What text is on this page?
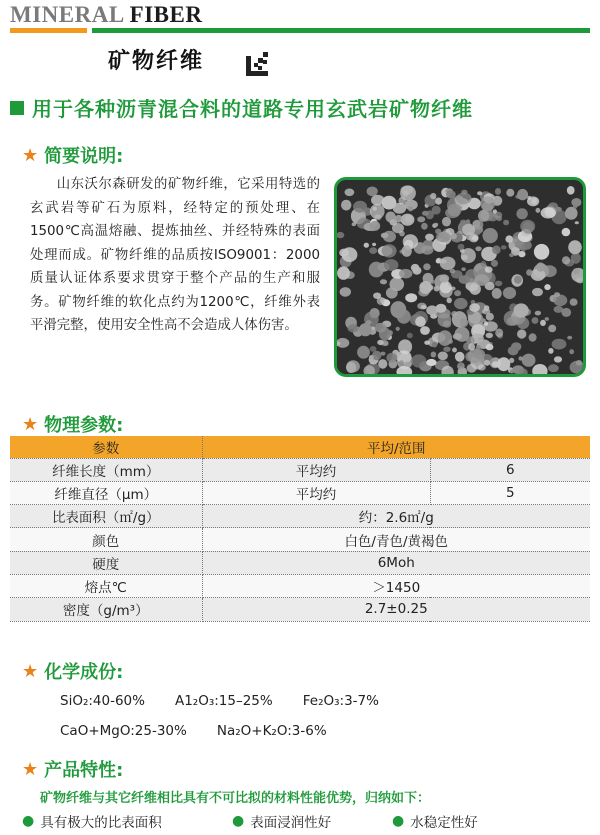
MINERAL FIBER
矿物纤维
用于各种沥青混合料的道路专用玄武岩矿物纤维
★ 简要说明:

山东沃尔森研发的矿物纤维，它采用特选的玄武岩等矿石为原料，经特定的预处理、在1500℃高温熔融、提炼抽丝、并经特殊的表面处理而成。矿物纤维的品质按ISO9001：2000质量认证体系要求贯穿于整个产品的生产和服务。矿物纤维的软化点约为1200℃，纤维外表平滑完整，使用安全性高不会造成人体伤害。

★ 物理参数:
参数	平均/范围	
纤维长度（mm）	平均约	6
纤维直径（μm）	平均约	5
比表面积（㎡/g）	约：2.6㎡/g	
颜色	白色/青色/黄褐色	
硬度	6Moh	
熔点℃	＞1450	
密度（g/m³）	2.7±0.25	
★ 化学成份:
SiO₂:40-60% A1₂O₃:15–25% Fe₂O₃:3-7%
CaO+MgO:25-30% Na₂O+K₂O:3-6%
★ 产品特性:
矿物纤维与其它纤维相比具有不可比拟的材料性能优势，归纳如下：
● 具有极大的比表面积	● 表面浸润性好	● 水稳定性好
